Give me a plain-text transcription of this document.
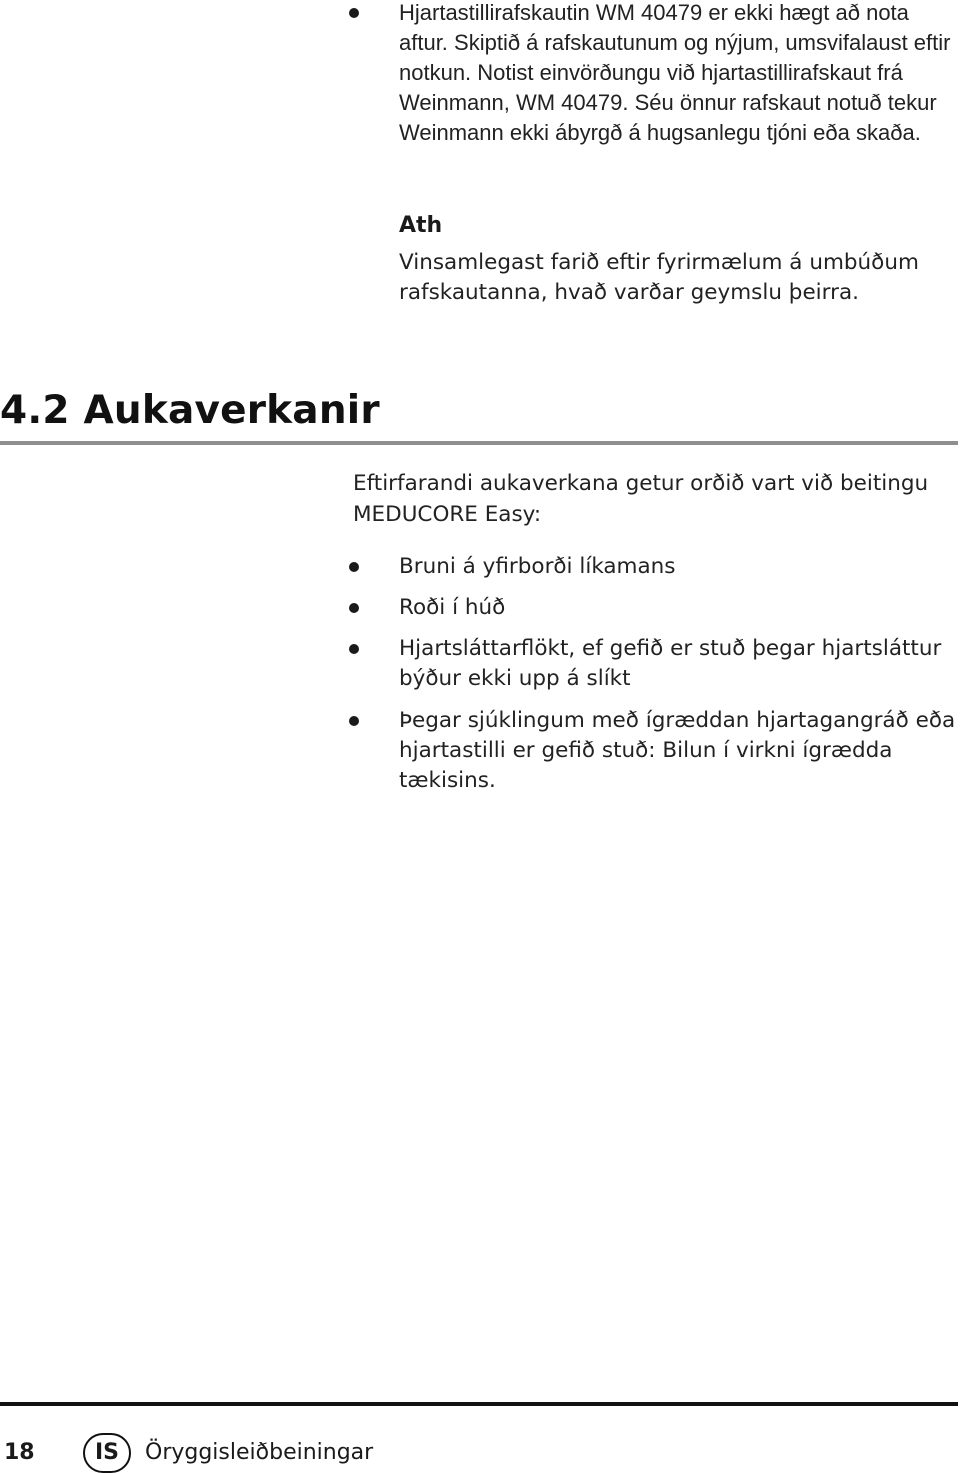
Hjartastillirafskautin WM 40479 er ekki hægt að nota aftur. Skiptið á rafskautunum og nýjum, umsvifalaust eftir notkun. Notist einvörðungu við hjartastillirafskaut frá Weinmann, WM 40479. Séu önnur rafskaut notuð tekur Weinmann ekki ábyrgð á hugsanlegu tjóni eða skaða.
Ath
Vinsamlegast farið eftir fyrirmælum á umbúðum rafskautanna, hvað varðar geymslu þeirra.
4.2 Aukaverkanir
Eftirfarandi aukaverkana getur orðið vart við beitingu MEDUCORE Easy:
Bruni á yfirborði líkamans
Roði í húð
Hjartsláttarflökt, ef gefið er stuð þegar hjartsláttur býður ekki upp á slíkt
Þegar sjúklingum með ígræddan hjartagangráð eða hjartastilli er gefið stuð: Bilun í virkni ígrædda tækisins.
18	IS	Öryggisleiðbeiningar
